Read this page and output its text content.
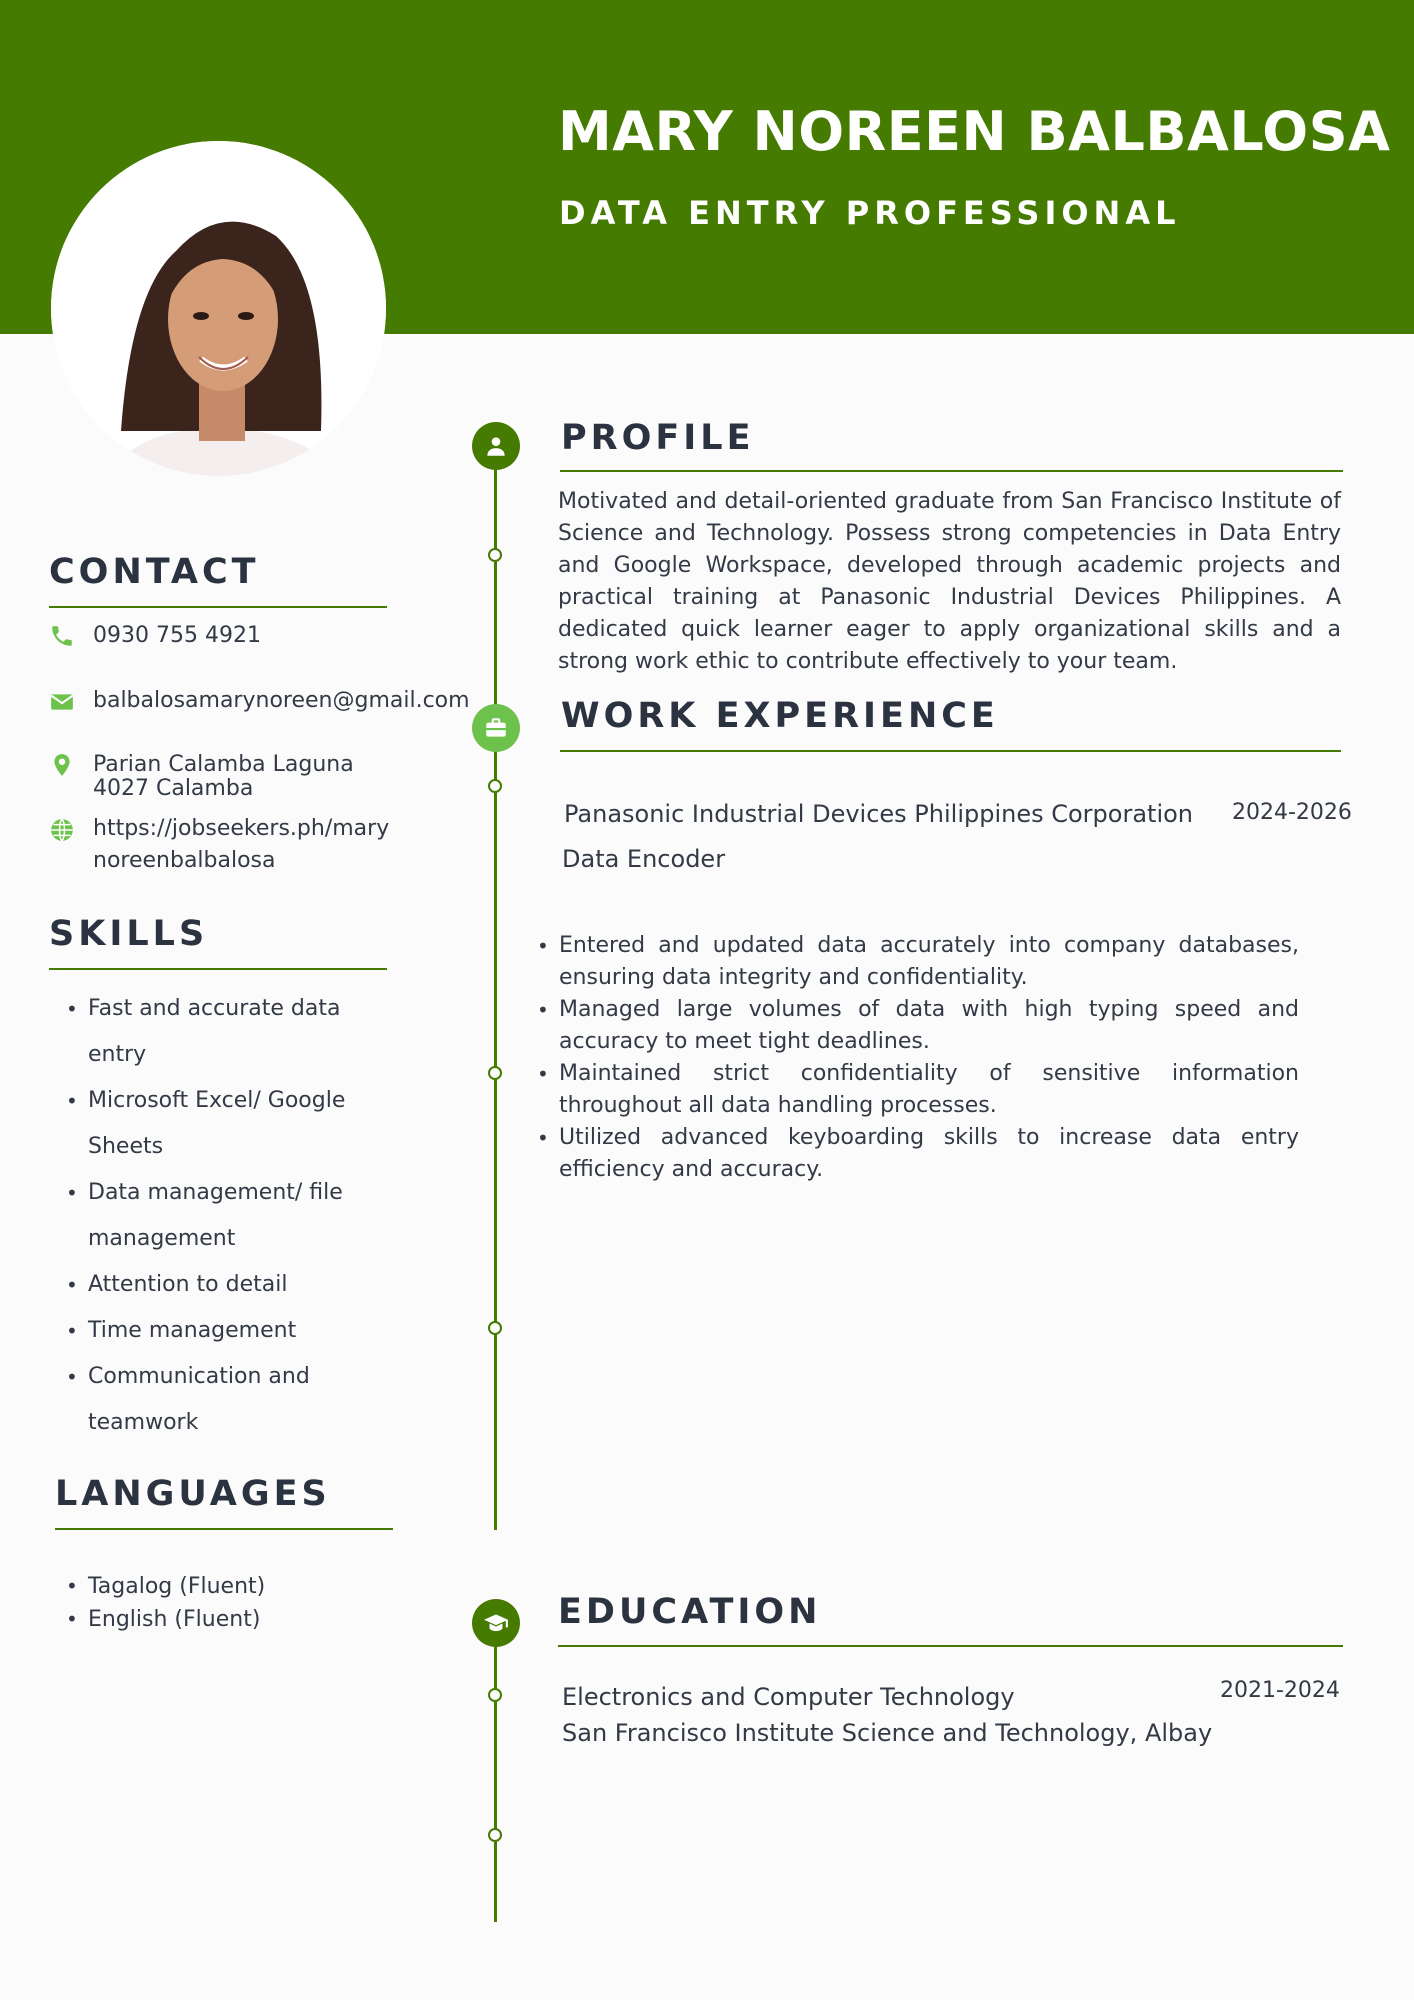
MARY NOREEN BALBALOSA
DATA ENTRY PROFESSIONAL
CONTACT
0930 755 4921
balbalosamarynoreen@gmail.com
Parian Calamba Laguna
4027 Calamba
https://jobseekers.ph/mary
noreenbalbalosa
SKILLS
• Fast and accurate data entry
• Microsoft Excel/ Google Sheets
• Data management/ file management
• Attention to detail
• Time management
• Communication and teamwork
LANGUAGES
• Tagalog (Fluent)
• English (Fluent)
PROFILE
Motivated and detail-oriented graduate from San Francisco Institute of Science and Technology. Possess strong competencies in Data Entry and Google Workspace, developed through academic projects and practical training at Panasonic Industrial Devices Philippines. A dedicated quick learner eager to apply organizational skills and a strong work ethic to contribute effectively to your team.
WORK EXPERIENCE
Panasonic Industrial Devices Philippines Corporation 2024-2026
Data Encoder
• Entered and updated data accurately into company databases, ensuring data integrity and confidentiality.
• Managed large volumes of data with high typing speed and accuracy to meet tight deadlines.
• Maintained strict confidentiality of sensitive information throughout all data handling processes.
• Utilized advanced keyboarding skills to increase data entry efficiency and accuracy.
EDUCATION
Electronics and Computer Technology	2021-2024
San Francisco Institute Science and Technology, Albay
